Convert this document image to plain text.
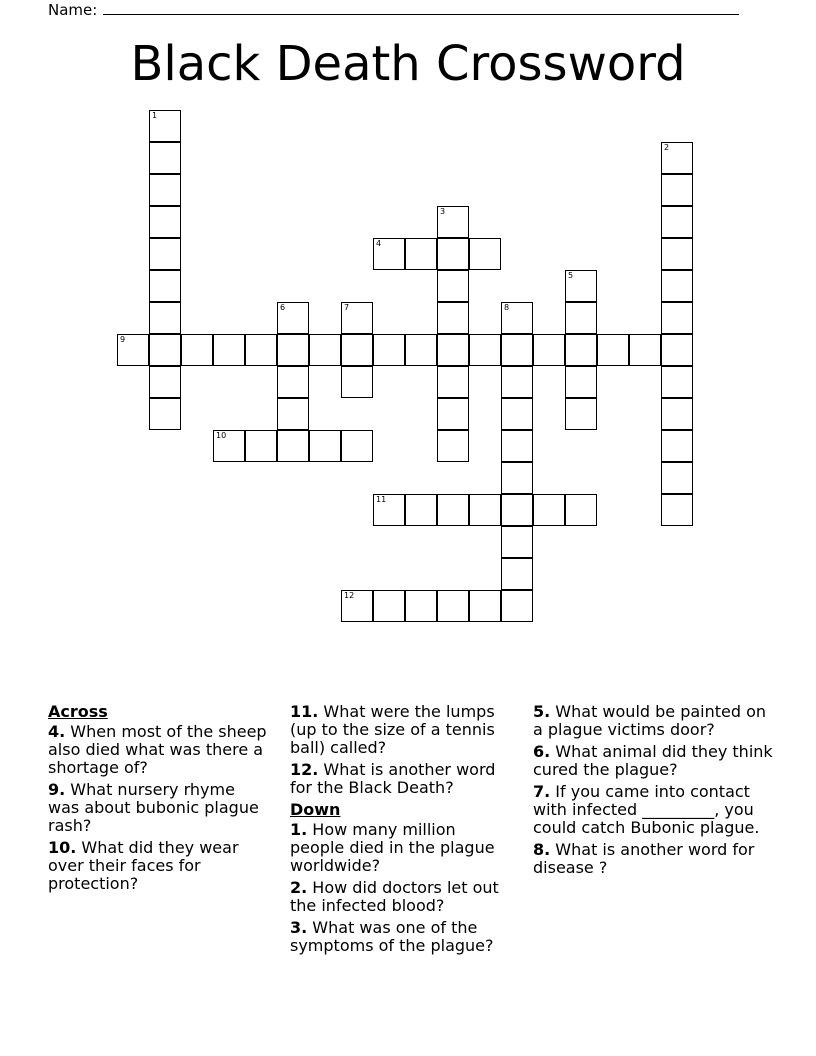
Name:
Black Death Crossword
1
2
3
4
5
6	7	8
9
10
11
12
Across
4. When most of the sheep also died what was there a shortage of?
9. What nursery rhyme was about bubonic plague rash?
10. What did they wear over their faces for protection?
11. What were the lumps (up to the size of a tennis ball) called?
12. What is another word for the Black Death?
Down
1. How many million people died in the plague worldwide?
2. How did doctors let out the infected blood?
3. What was one of the symptoms of the plague?
5. What would be painted on a plague victims door?
6. What animal did they think cured the plague?
7. If you came into contact with infected _________, you could catch Bubonic plague.
8. What is another word for disease ?
